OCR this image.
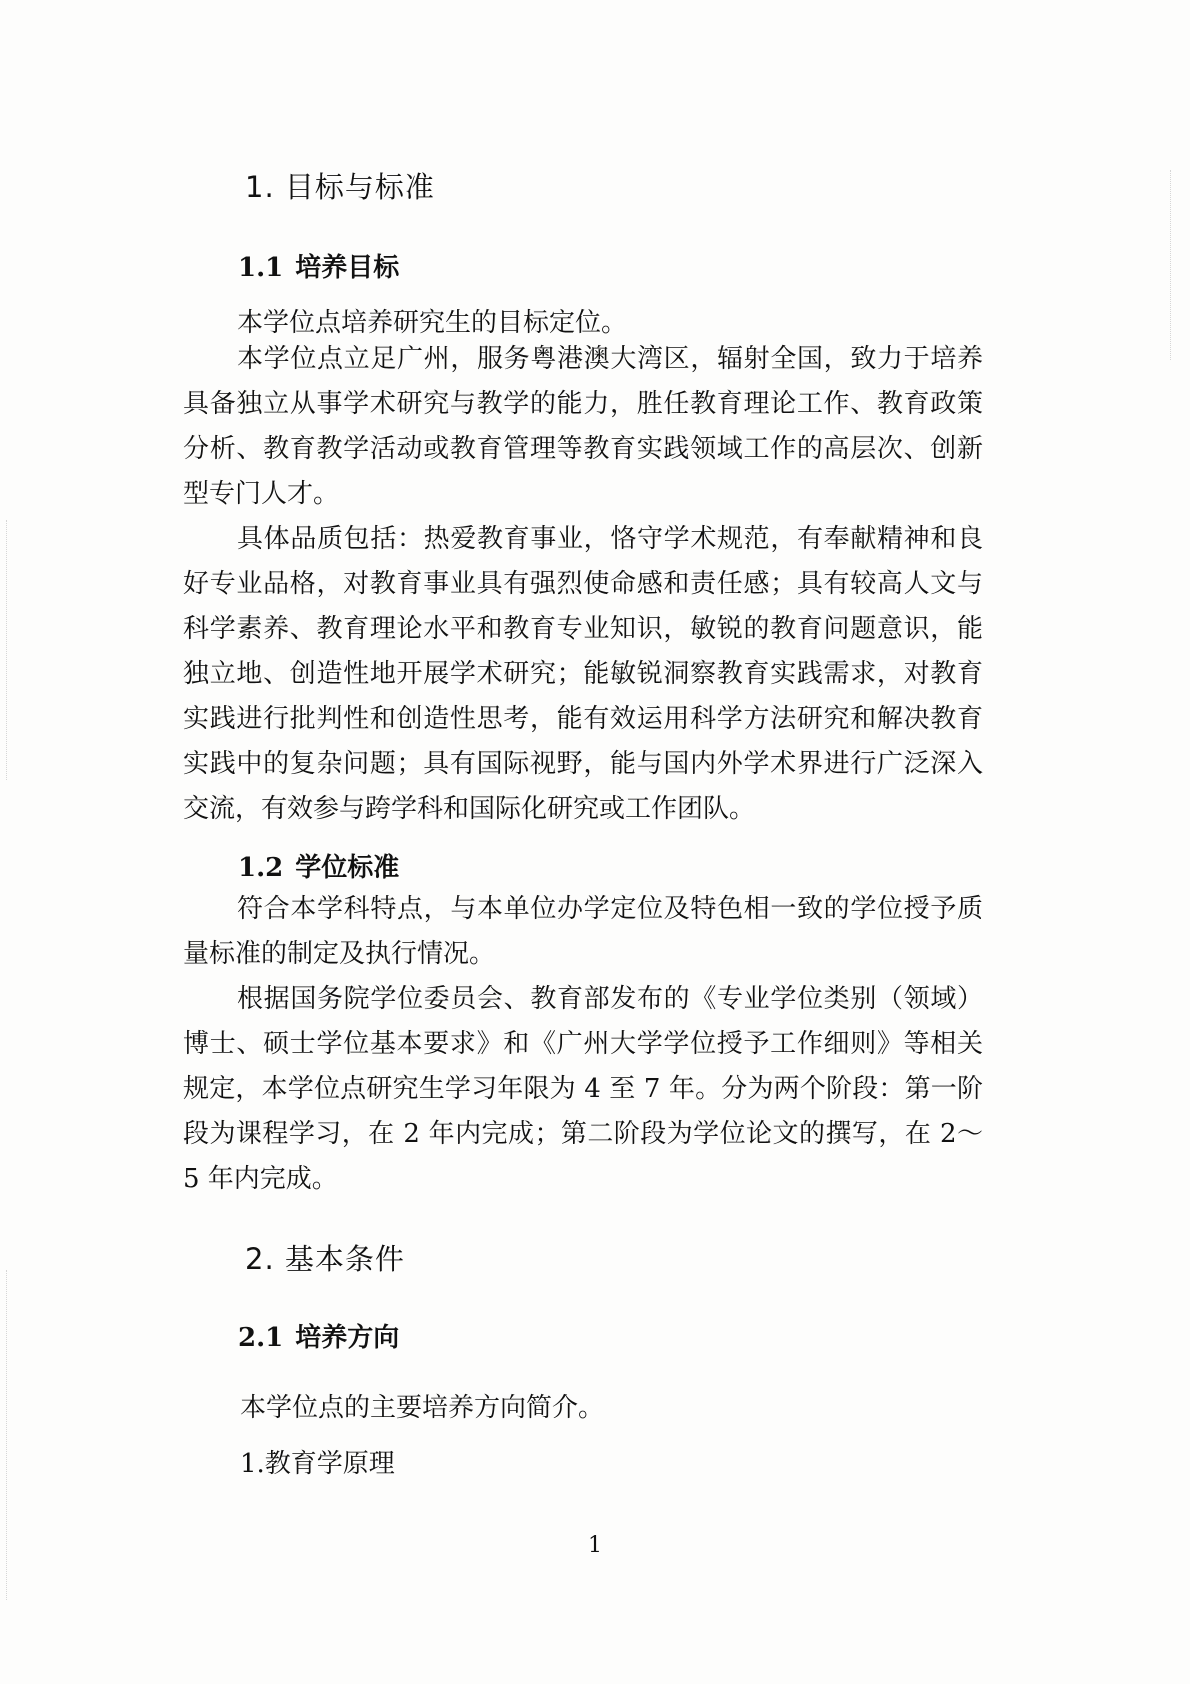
1. 目标与标准
1.1 培养目标

本学位点培养研究生的目标定位。

本学位点立足广州，服务粤港澳大湾区，辐射全国，致力于培养具备独立从事学术研究与教学的能力，胜任教育理论工作、教育政策分析、教育教学活动或教育管理等教育实践领域工作的高层次、创新型专门人才。

具体品质包括：热爱教育事业，恪守学术规范，有奉献精神和良好专业品格，对教育事业具有强烈使命感和责任感；具有较高人文与科学素养、教育理论水平和教育专业知识，敏锐的教育问题意识，能独立地、创造性地开展学术研究；能敏锐洞察教育实践需求，对教育实践进行批判性和创造性思考，能有效运用科学方法研究和解决教育实践中的复杂问题；具有国际视野，能与国内外学术界进行广泛深入交流，有效参与跨学科和国际化研究或工作团队。

1.2 学位标准

符合本学科特点，与本单位办学定位及特色相一致的学位授予质量标准的制定及执行情况。

根据国务院学位委员会、教育部发布的《专业学位类别（领域）博士、硕士学位基本要求》和《广州大学学位授予工作细则》等相关规定，本学位点研究生学习年限为 4 至 7 年。分为两个阶段：第一阶段为课程学习，在 2 年内完成；第二阶段为学位论文的撰写，在 2～5 年内完成。

2. 基本条件
2.1 培养方向

本学位点的主要培养方向简介。

1.教育学原理

1
